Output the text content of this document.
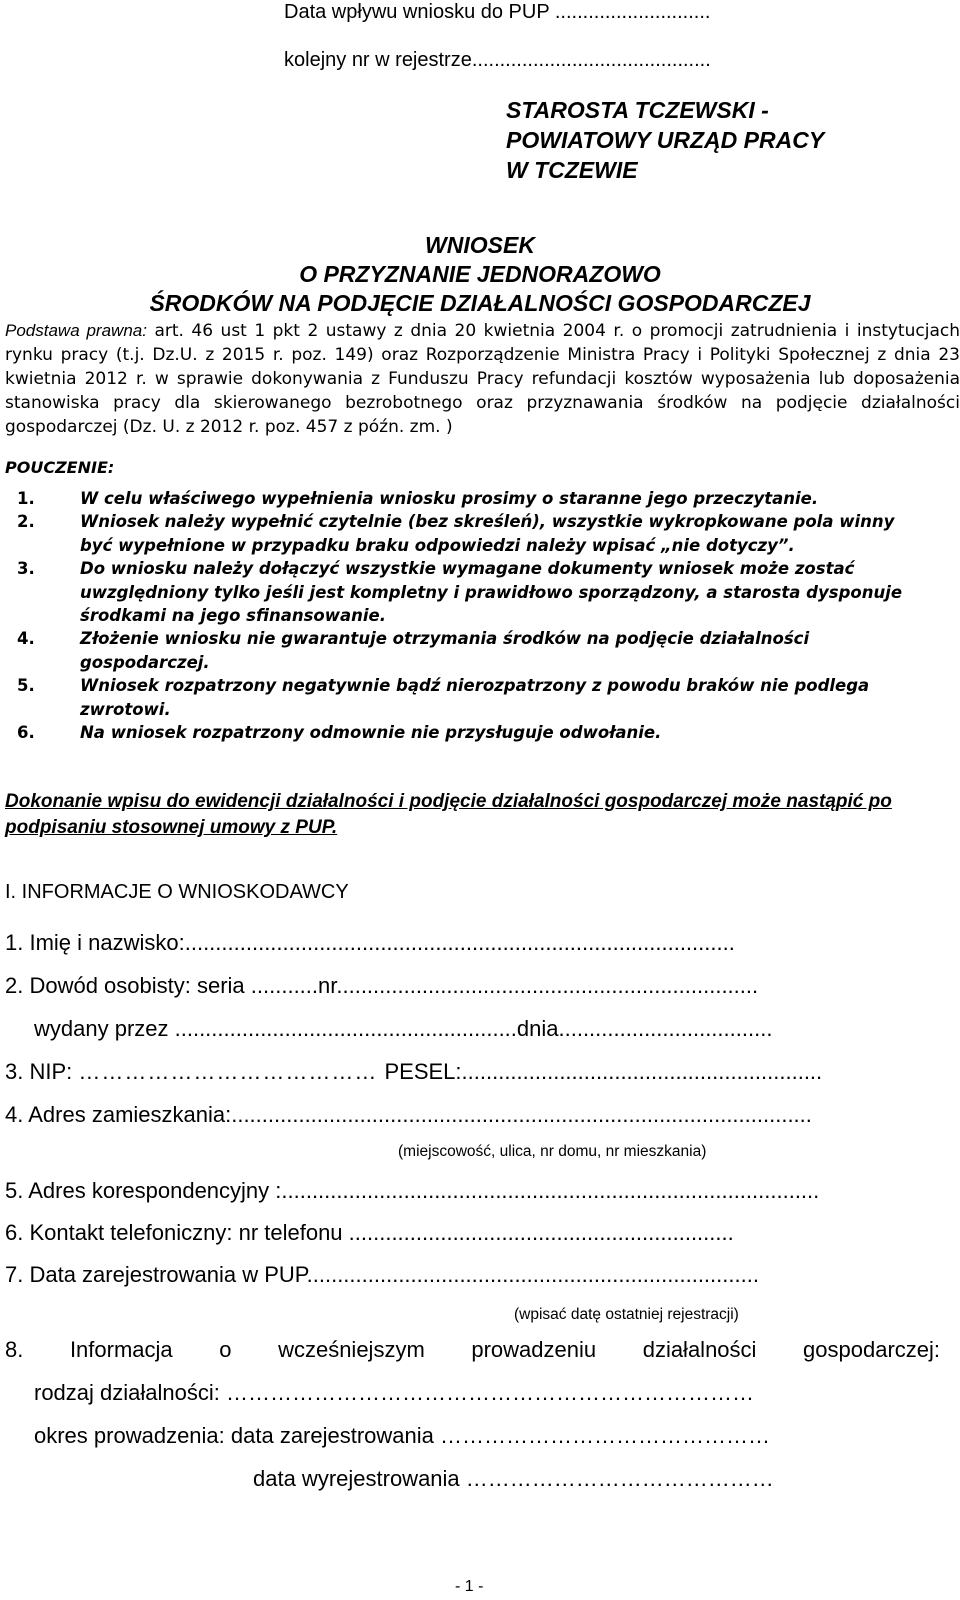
Data wpływu wniosku do PUP ............................
kolejny nr w rejestrze...........................................
STAROSTA TCZEWSKI -
POWIATOWY URZĄD PRACY
W TCZEWIE
WNIOSEK
O PRZYZNANIE JEDNORAZOWO
ŚRODKÓW NA PODJĘCIE DZIAŁALNOŚCI GOSPODARCZEJ
Podstawa prawna: art. 46 ust 1 pkt 2 ustawy z dnia 20 kwietnia 2004 r. o promocji zatrudnienia i instytucjach rynku pracy (t.j. Dz.U. z 2015 r. poz. 149) oraz Rozporządzenie Ministra Pracy i Polityki Społecznej z dnia 23 kwietnia 2012 r. w sprawie dokonywania z Funduszu Pracy refundacji kosztów wyposażenia lub doposażenia stanowiska pracy dla skierowanego bezrobotnego oraz przyznawania środków na podjęcie działalności gospodarczej (Dz. U. z 2012 r. poz. 457 z późn. zm. )
POUCZENIE:
1.	W celu właściwego wypełnienia wniosku prosimy o staranne jego przeczytanie.
2.	Wniosek należy wypełnić czytelnie (bez skreśleń), wszystkie wykropkowane pola winny być wypełnione w przypadku braku odpowiedzi należy wpisać „nie dotyczy”.
3.	Do wniosku należy dołączyć wszystkie wymagane dokumenty wniosek może zostać uwzględniony tylko jeśli jest kompletny i prawidłowo sporządzony, a starosta dysponuje środkami na jego sfinansowanie.
4.	Złożenie wniosku nie gwarantuje otrzymania środków na podjęcie działalności gospodarczej.
5.	Wniosek rozpatrzony negatywnie bądź nierozpatrzony z powodu braków nie podlega zwrotowi.
6.	Na wniosek rozpatrzony odmownie nie przysługuje odwołanie.
Dokonanie wpisu do ewidencji działalności i podjęcie działalności gospodarczej może nastąpić po podpisaniu stosownej umowy z PUP.
I. INFORMACJE O WNIOSKODAWCY
1. Imię i nazwisko:..........................................................................................
2. Dowód osobisty: seria ...........nr.....................................................................
wydany przez ........................................................dnia...................................
3. NIP: ………………………………… PESEL:...........................................................
4. Adres zamieszkania:...............................................................................................
(miejscowość, ulica, nr domu, nr mieszkania)
5. Adres korespondencyjny :........................................................................................
6. Kontakt telefoniczny: nr telefonu ...............................................................
7. Data zarejestrowania w PUP..........................................................................
(wpisać datę ostatniej rejestracji)
8. Informacja o wcześniejszym prowadzeniu działalności gospodarczej:
rodzaj działalności: ………………………………………………………………
okres prowadzenia: data zarejestrowania ………………………………………
data wyrejestrowania ……………………………………
- 1 -
